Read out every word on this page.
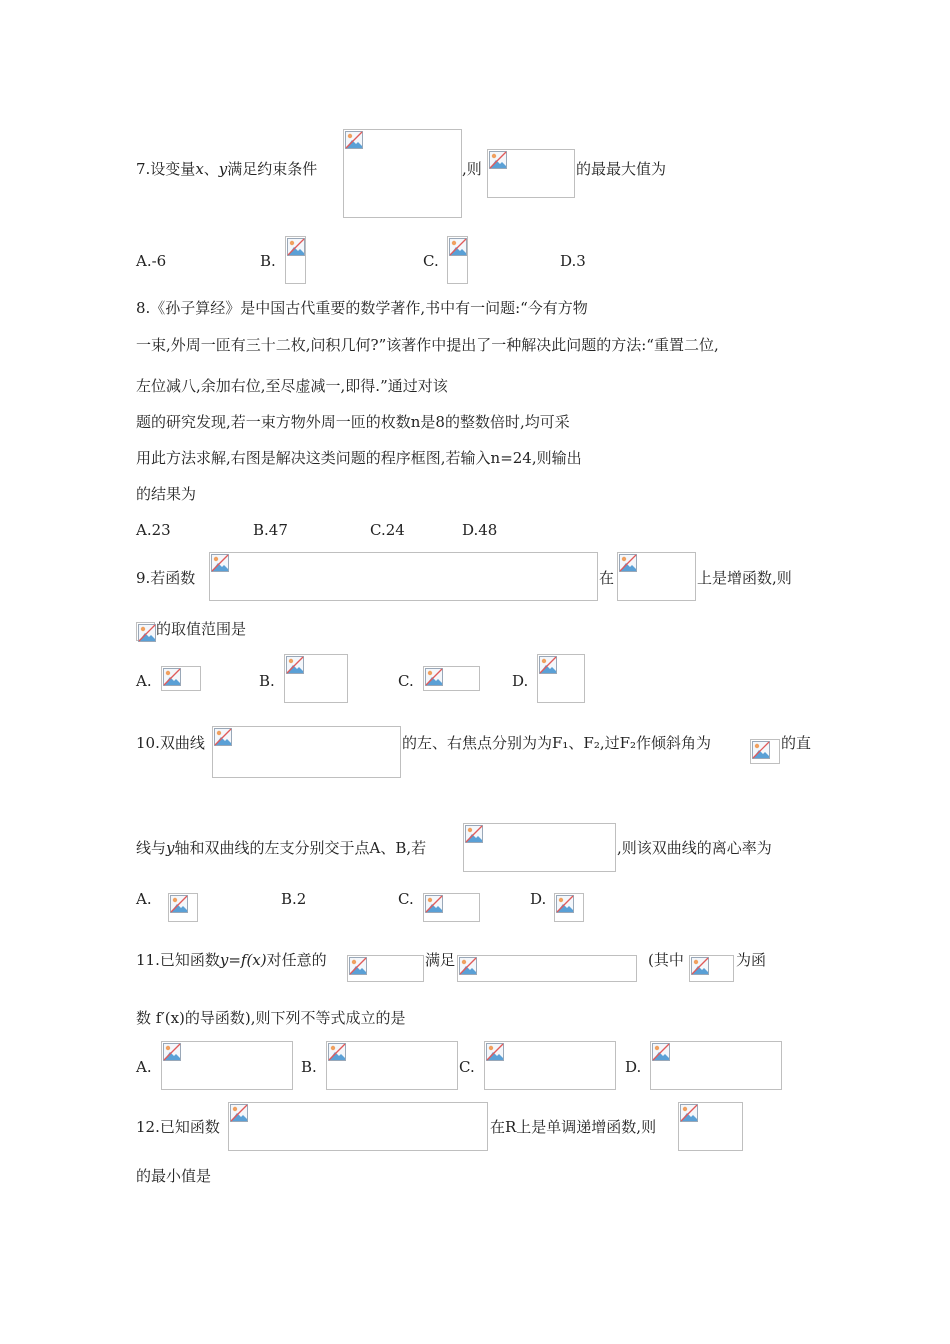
7.设变量x、y满足约束条件	,则	的最最大值为
A.-6	B.	C.	D.3
8.《孙子算经》是中国古代重要的数学著作,书中有一问题:“今有方物
一束,外周一匝有三十二枚,问积几何?”该著作中提出了一种解决此问题的方法:“重置二位,
左位减八,余加右位,至尽虚减一,即得.”通过对该
题的研究发现,若一束方物外周一匝的枚数n是8的整数倍时,均可采
用此方法求解,右图是解决这类问题的程序框图,若输入n=24,则输出
的结果为
A.23	B.47	C.24	D.48
9.若函数	在	上是增函数,则
的取值范围是
A.	B.	C.	D.
10.双曲线	的左、右焦点分别为为F₁、F₂,过F₂作倾斜角为	的直
线与y轴和双曲线的左支分别交于点A、B,若	,则该双曲线的离心率为
A.	B.2	C.	D.
11.已知函数y=f(x)对任意的	满足	(其中	为函
数 f′(x)的导函数),则下列不等式成立的是
A.	B.	C.	D.
12.已知函数	在R上是单调递增函数,则
的最小值是
